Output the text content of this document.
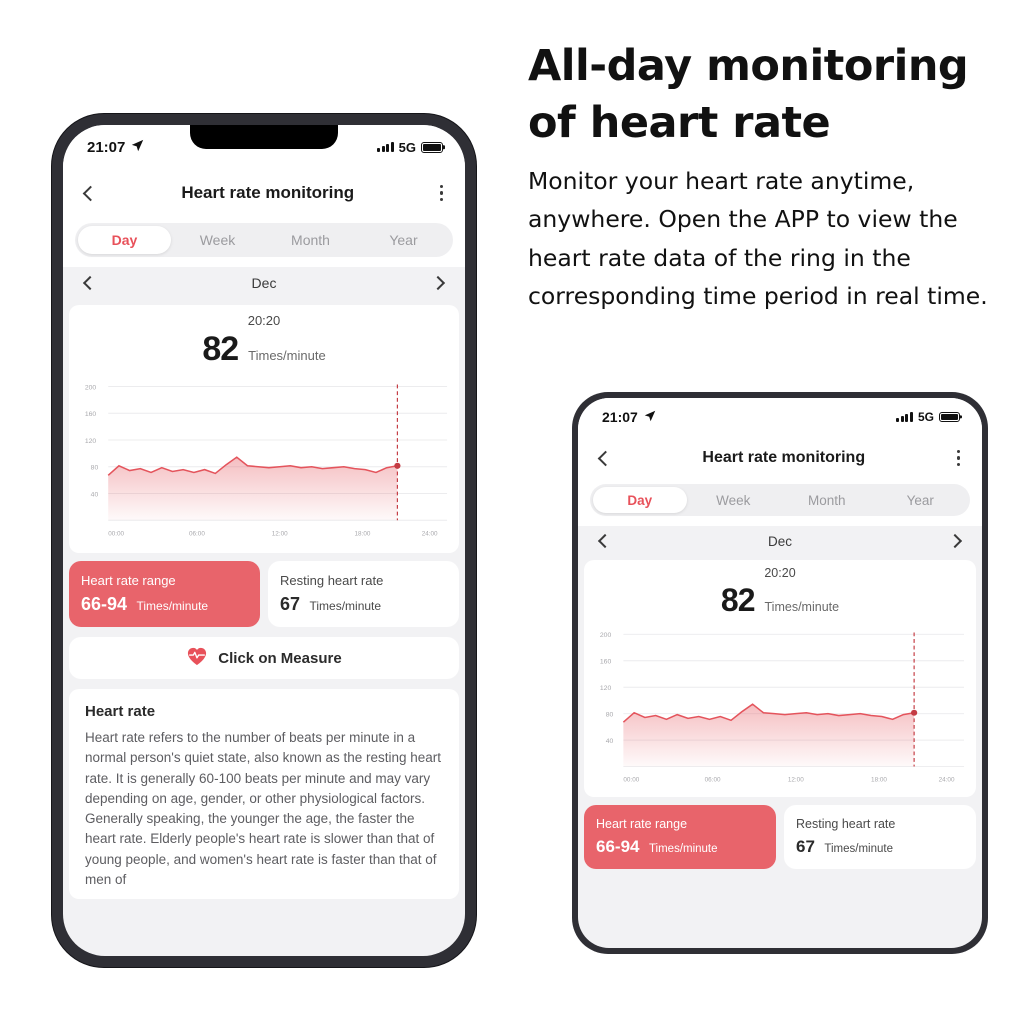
All-day monitoring of heart rate

Monitor your heart rate anytime, anywhere. Open the APP to view the heart rate data of the ring in the corresponding time period in real time.

21:07	5G
Heart rate monitoring
Day	Week	Month	Year
Dec
20:20
82 Times/minute
200
160
120
80
40
00:00	06:00	12:00	18:00	24:00
Heart rate range
66-94 Times/minute
Resting heart rate
67 Times/minute
Click on Measure
Heart rate
Heart rate refers to the number of beats per minute in a normal person's quiet state, also known as the resting heart rate. It is generally 60-100 beats per minute and may vary depending on age, gender, or other physiological factors. Generally speaking, the younger the age, the faster the heart rate. Elderly people's heart rate is slower than that of young people, and women's heart rate is faster than that of men of
21:07	5G
Heart rate monitoring
Day	Week	Month	Year
Dec
20:20
82 Times/minute
200
160
120
80
40
00:00	06:00	12:00	18:00	24:00
Heart rate range
66-94 Times/minute
Resting heart rate
67 Times/minute
